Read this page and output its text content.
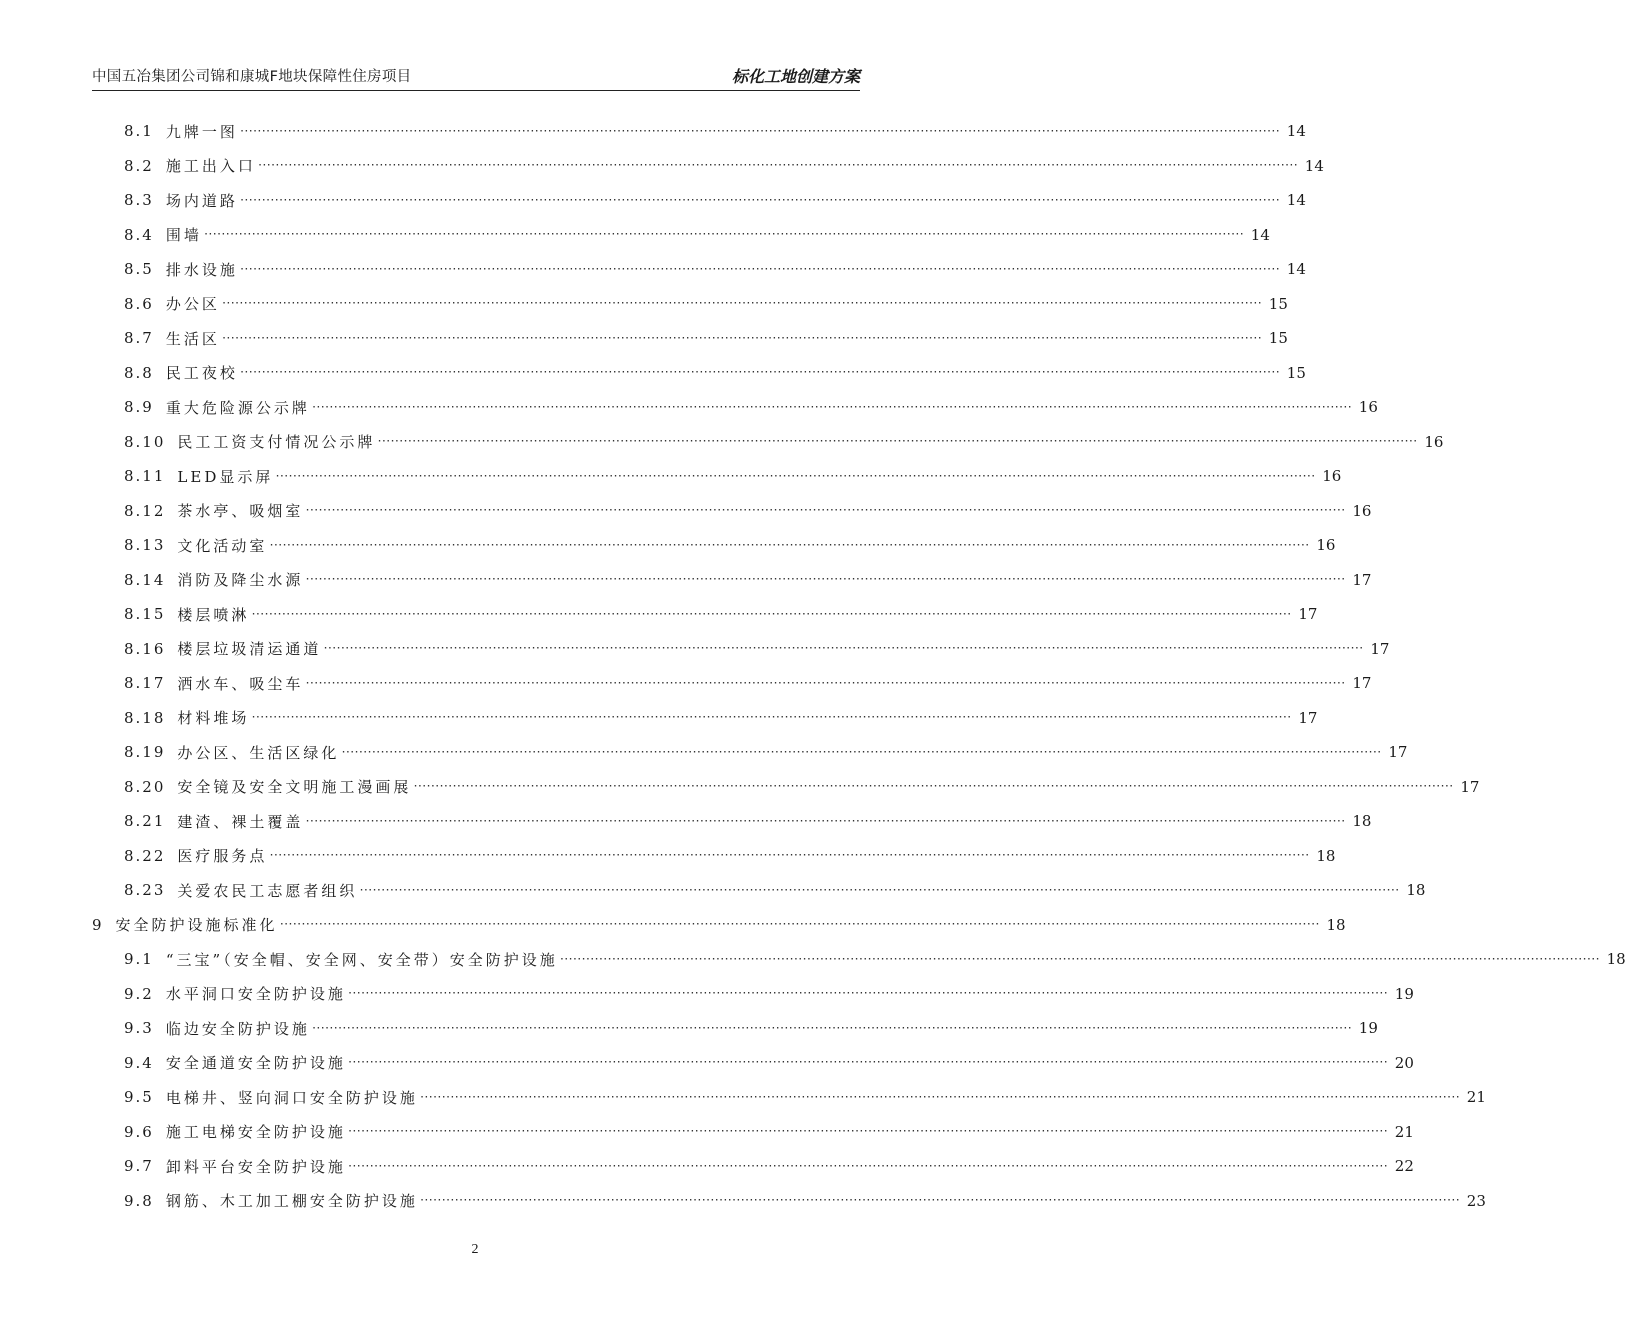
中国五冶集团公司锦和康城F地块保障性住房项目	标化工地创建方案
8.1 九牌一图 ⋯⋯⋯⋯⋯⋯⋯⋯⋯⋯⋯⋯⋯⋯⋯⋯⋯⋯⋯⋯⋯⋯⋯⋯⋯⋯⋯⋯⋯⋯⋯⋯⋯⋯⋯⋯⋯⋯⋯⋯⋯⋯⋯⋯⋯⋯⋯⋯⋯⋯⋯⋯⋯⋯⋯⋯⋯⋯⋯⋯⋯⋯⋯⋯⋯⋯⋯⋯⋯⋯⋯⋯⋯⋯⋯⋯⋯⋯⋯⋯ 14
8.2 施工出入口 ⋯⋯⋯⋯⋯⋯⋯⋯⋯⋯⋯⋯⋯⋯⋯⋯⋯⋯⋯⋯⋯⋯⋯⋯⋯⋯⋯⋯⋯⋯⋯⋯⋯⋯⋯⋯⋯⋯⋯⋯⋯⋯⋯⋯⋯⋯⋯⋯⋯⋯⋯⋯⋯⋯⋯⋯⋯⋯⋯⋯⋯⋯⋯⋯⋯⋯⋯⋯⋯⋯⋯⋯⋯⋯⋯⋯⋯⋯⋯⋯ 14
8.3 场内道路 ⋯⋯⋯⋯⋯⋯⋯⋯⋯⋯⋯⋯⋯⋯⋯⋯⋯⋯⋯⋯⋯⋯⋯⋯⋯⋯⋯⋯⋯⋯⋯⋯⋯⋯⋯⋯⋯⋯⋯⋯⋯⋯⋯⋯⋯⋯⋯⋯⋯⋯⋯⋯⋯⋯⋯⋯⋯⋯⋯⋯⋯⋯⋯⋯⋯⋯⋯⋯⋯⋯⋯⋯⋯⋯⋯⋯⋯⋯⋯⋯ 14
8.4 围墙 ⋯⋯⋯⋯⋯⋯⋯⋯⋯⋯⋯⋯⋯⋯⋯⋯⋯⋯⋯⋯⋯⋯⋯⋯⋯⋯⋯⋯⋯⋯⋯⋯⋯⋯⋯⋯⋯⋯⋯⋯⋯⋯⋯⋯⋯⋯⋯⋯⋯⋯⋯⋯⋯⋯⋯⋯⋯⋯⋯⋯⋯⋯⋯⋯⋯⋯⋯⋯⋯⋯⋯⋯⋯⋯⋯⋯⋯⋯⋯⋯ 14
8.5 排水设施 ⋯⋯⋯⋯⋯⋯⋯⋯⋯⋯⋯⋯⋯⋯⋯⋯⋯⋯⋯⋯⋯⋯⋯⋯⋯⋯⋯⋯⋯⋯⋯⋯⋯⋯⋯⋯⋯⋯⋯⋯⋯⋯⋯⋯⋯⋯⋯⋯⋯⋯⋯⋯⋯⋯⋯⋯⋯⋯⋯⋯⋯⋯⋯⋯⋯⋯⋯⋯⋯⋯⋯⋯⋯⋯⋯⋯⋯⋯⋯⋯ 14
8.6 办公区 ⋯⋯⋯⋯⋯⋯⋯⋯⋯⋯⋯⋯⋯⋯⋯⋯⋯⋯⋯⋯⋯⋯⋯⋯⋯⋯⋯⋯⋯⋯⋯⋯⋯⋯⋯⋯⋯⋯⋯⋯⋯⋯⋯⋯⋯⋯⋯⋯⋯⋯⋯⋯⋯⋯⋯⋯⋯⋯⋯⋯⋯⋯⋯⋯⋯⋯⋯⋯⋯⋯⋯⋯⋯⋯⋯⋯⋯⋯⋯⋯ 15
8.7 生活区 ⋯⋯⋯⋯⋯⋯⋯⋯⋯⋯⋯⋯⋯⋯⋯⋯⋯⋯⋯⋯⋯⋯⋯⋯⋯⋯⋯⋯⋯⋯⋯⋯⋯⋯⋯⋯⋯⋯⋯⋯⋯⋯⋯⋯⋯⋯⋯⋯⋯⋯⋯⋯⋯⋯⋯⋯⋯⋯⋯⋯⋯⋯⋯⋯⋯⋯⋯⋯⋯⋯⋯⋯⋯⋯⋯⋯⋯⋯⋯⋯ 15
8.8 民工夜校 ⋯⋯⋯⋯⋯⋯⋯⋯⋯⋯⋯⋯⋯⋯⋯⋯⋯⋯⋯⋯⋯⋯⋯⋯⋯⋯⋯⋯⋯⋯⋯⋯⋯⋯⋯⋯⋯⋯⋯⋯⋯⋯⋯⋯⋯⋯⋯⋯⋯⋯⋯⋯⋯⋯⋯⋯⋯⋯⋯⋯⋯⋯⋯⋯⋯⋯⋯⋯⋯⋯⋯⋯⋯⋯⋯⋯⋯⋯⋯⋯ 15
8.9 重大危险源公示牌 ⋯⋯⋯⋯⋯⋯⋯⋯⋯⋯⋯⋯⋯⋯⋯⋯⋯⋯⋯⋯⋯⋯⋯⋯⋯⋯⋯⋯⋯⋯⋯⋯⋯⋯⋯⋯⋯⋯⋯⋯⋯⋯⋯⋯⋯⋯⋯⋯⋯⋯⋯⋯⋯⋯⋯⋯⋯⋯⋯⋯⋯⋯⋯⋯⋯⋯⋯⋯⋯⋯⋯⋯⋯⋯⋯⋯⋯⋯⋯⋯ 16
8.10 民工工资支付情况公示牌 ⋯⋯⋯⋯⋯⋯⋯⋯⋯⋯⋯⋯⋯⋯⋯⋯⋯⋯⋯⋯⋯⋯⋯⋯⋯⋯⋯⋯⋯⋯⋯⋯⋯⋯⋯⋯⋯⋯⋯⋯⋯⋯⋯⋯⋯⋯⋯⋯⋯⋯⋯⋯⋯⋯⋯⋯⋯⋯⋯⋯⋯⋯⋯⋯⋯⋯⋯⋯⋯⋯⋯⋯⋯⋯⋯⋯⋯⋯⋯⋯ 16
8.11 LED显示屏 ⋯⋯⋯⋯⋯⋯⋯⋯⋯⋯⋯⋯⋯⋯⋯⋯⋯⋯⋯⋯⋯⋯⋯⋯⋯⋯⋯⋯⋯⋯⋯⋯⋯⋯⋯⋯⋯⋯⋯⋯⋯⋯⋯⋯⋯⋯⋯⋯⋯⋯⋯⋯⋯⋯⋯⋯⋯⋯⋯⋯⋯⋯⋯⋯⋯⋯⋯⋯⋯⋯⋯⋯⋯⋯⋯⋯⋯⋯⋯⋯ 16
8.12 茶水亭、吸烟室 ⋯⋯⋯⋯⋯⋯⋯⋯⋯⋯⋯⋯⋯⋯⋯⋯⋯⋯⋯⋯⋯⋯⋯⋯⋯⋯⋯⋯⋯⋯⋯⋯⋯⋯⋯⋯⋯⋯⋯⋯⋯⋯⋯⋯⋯⋯⋯⋯⋯⋯⋯⋯⋯⋯⋯⋯⋯⋯⋯⋯⋯⋯⋯⋯⋯⋯⋯⋯⋯⋯⋯⋯⋯⋯⋯⋯⋯⋯⋯⋯ 16
8.13 文化活动室 ⋯⋯⋯⋯⋯⋯⋯⋯⋯⋯⋯⋯⋯⋯⋯⋯⋯⋯⋯⋯⋯⋯⋯⋯⋯⋯⋯⋯⋯⋯⋯⋯⋯⋯⋯⋯⋯⋯⋯⋯⋯⋯⋯⋯⋯⋯⋯⋯⋯⋯⋯⋯⋯⋯⋯⋯⋯⋯⋯⋯⋯⋯⋯⋯⋯⋯⋯⋯⋯⋯⋯⋯⋯⋯⋯⋯⋯⋯⋯⋯ 16
8.14 消防及降尘水源 ⋯⋯⋯⋯⋯⋯⋯⋯⋯⋯⋯⋯⋯⋯⋯⋯⋯⋯⋯⋯⋯⋯⋯⋯⋯⋯⋯⋯⋯⋯⋯⋯⋯⋯⋯⋯⋯⋯⋯⋯⋯⋯⋯⋯⋯⋯⋯⋯⋯⋯⋯⋯⋯⋯⋯⋯⋯⋯⋯⋯⋯⋯⋯⋯⋯⋯⋯⋯⋯⋯⋯⋯⋯⋯⋯⋯⋯⋯⋯⋯ 17
8.15 楼层喷淋 ⋯⋯⋯⋯⋯⋯⋯⋯⋯⋯⋯⋯⋯⋯⋯⋯⋯⋯⋯⋯⋯⋯⋯⋯⋯⋯⋯⋯⋯⋯⋯⋯⋯⋯⋯⋯⋯⋯⋯⋯⋯⋯⋯⋯⋯⋯⋯⋯⋯⋯⋯⋯⋯⋯⋯⋯⋯⋯⋯⋯⋯⋯⋯⋯⋯⋯⋯⋯⋯⋯⋯⋯⋯⋯⋯⋯⋯⋯⋯⋯ 17
8.16 楼层垃圾清运通道 ⋯⋯⋯⋯⋯⋯⋯⋯⋯⋯⋯⋯⋯⋯⋯⋯⋯⋯⋯⋯⋯⋯⋯⋯⋯⋯⋯⋯⋯⋯⋯⋯⋯⋯⋯⋯⋯⋯⋯⋯⋯⋯⋯⋯⋯⋯⋯⋯⋯⋯⋯⋯⋯⋯⋯⋯⋯⋯⋯⋯⋯⋯⋯⋯⋯⋯⋯⋯⋯⋯⋯⋯⋯⋯⋯⋯⋯⋯⋯⋯ 17
8.17 洒水车、吸尘车 ⋯⋯⋯⋯⋯⋯⋯⋯⋯⋯⋯⋯⋯⋯⋯⋯⋯⋯⋯⋯⋯⋯⋯⋯⋯⋯⋯⋯⋯⋯⋯⋯⋯⋯⋯⋯⋯⋯⋯⋯⋯⋯⋯⋯⋯⋯⋯⋯⋯⋯⋯⋯⋯⋯⋯⋯⋯⋯⋯⋯⋯⋯⋯⋯⋯⋯⋯⋯⋯⋯⋯⋯⋯⋯⋯⋯⋯⋯⋯⋯ 17
8.18 材料堆场 ⋯⋯⋯⋯⋯⋯⋯⋯⋯⋯⋯⋯⋯⋯⋯⋯⋯⋯⋯⋯⋯⋯⋯⋯⋯⋯⋯⋯⋯⋯⋯⋯⋯⋯⋯⋯⋯⋯⋯⋯⋯⋯⋯⋯⋯⋯⋯⋯⋯⋯⋯⋯⋯⋯⋯⋯⋯⋯⋯⋯⋯⋯⋯⋯⋯⋯⋯⋯⋯⋯⋯⋯⋯⋯⋯⋯⋯⋯⋯⋯ 17
8.19 办公区、生活区绿化 ⋯⋯⋯⋯⋯⋯⋯⋯⋯⋯⋯⋯⋯⋯⋯⋯⋯⋯⋯⋯⋯⋯⋯⋯⋯⋯⋯⋯⋯⋯⋯⋯⋯⋯⋯⋯⋯⋯⋯⋯⋯⋯⋯⋯⋯⋯⋯⋯⋯⋯⋯⋯⋯⋯⋯⋯⋯⋯⋯⋯⋯⋯⋯⋯⋯⋯⋯⋯⋯⋯⋯⋯⋯⋯⋯⋯⋯⋯⋯⋯ 17
8.20 安全镜及安全文明施工漫画展 ⋯⋯⋯⋯⋯⋯⋯⋯⋯⋯⋯⋯⋯⋯⋯⋯⋯⋯⋯⋯⋯⋯⋯⋯⋯⋯⋯⋯⋯⋯⋯⋯⋯⋯⋯⋯⋯⋯⋯⋯⋯⋯⋯⋯⋯⋯⋯⋯⋯⋯⋯⋯⋯⋯⋯⋯⋯⋯⋯⋯⋯⋯⋯⋯⋯⋯⋯⋯⋯⋯⋯⋯⋯⋯⋯⋯⋯⋯⋯⋯ 17
8.21 建渣、裸土覆盖 ⋯⋯⋯⋯⋯⋯⋯⋯⋯⋯⋯⋯⋯⋯⋯⋯⋯⋯⋯⋯⋯⋯⋯⋯⋯⋯⋯⋯⋯⋯⋯⋯⋯⋯⋯⋯⋯⋯⋯⋯⋯⋯⋯⋯⋯⋯⋯⋯⋯⋯⋯⋯⋯⋯⋯⋯⋯⋯⋯⋯⋯⋯⋯⋯⋯⋯⋯⋯⋯⋯⋯⋯⋯⋯⋯⋯⋯⋯⋯⋯ 18
8.22 医疗服务点 ⋯⋯⋯⋯⋯⋯⋯⋯⋯⋯⋯⋯⋯⋯⋯⋯⋯⋯⋯⋯⋯⋯⋯⋯⋯⋯⋯⋯⋯⋯⋯⋯⋯⋯⋯⋯⋯⋯⋯⋯⋯⋯⋯⋯⋯⋯⋯⋯⋯⋯⋯⋯⋯⋯⋯⋯⋯⋯⋯⋯⋯⋯⋯⋯⋯⋯⋯⋯⋯⋯⋯⋯⋯⋯⋯⋯⋯⋯⋯⋯ 18
8.23 关爱农民工志愿者组织 ⋯⋯⋯⋯⋯⋯⋯⋯⋯⋯⋯⋯⋯⋯⋯⋯⋯⋯⋯⋯⋯⋯⋯⋯⋯⋯⋯⋯⋯⋯⋯⋯⋯⋯⋯⋯⋯⋯⋯⋯⋯⋯⋯⋯⋯⋯⋯⋯⋯⋯⋯⋯⋯⋯⋯⋯⋯⋯⋯⋯⋯⋯⋯⋯⋯⋯⋯⋯⋯⋯⋯⋯⋯⋯⋯⋯⋯⋯⋯⋯ 18
9 安全防护设施标准化 ⋯⋯⋯⋯⋯⋯⋯⋯⋯⋯⋯⋯⋯⋯⋯⋯⋯⋯⋯⋯⋯⋯⋯⋯⋯⋯⋯⋯⋯⋯⋯⋯⋯⋯⋯⋯⋯⋯⋯⋯⋯⋯⋯⋯⋯⋯⋯⋯⋯⋯⋯⋯⋯⋯⋯⋯⋯⋯⋯⋯⋯⋯⋯⋯⋯⋯⋯⋯⋯⋯⋯⋯⋯⋯⋯⋯⋯⋯⋯⋯ 18
9.1 “三宝”（安全帽、安全网、安全带）安全防护设施 ⋯⋯⋯⋯⋯⋯⋯⋯⋯⋯⋯⋯⋯⋯⋯⋯⋯⋯⋯⋯⋯⋯⋯⋯⋯⋯⋯⋯⋯⋯⋯⋯⋯⋯⋯⋯⋯⋯⋯⋯⋯⋯⋯⋯⋯⋯⋯⋯⋯⋯⋯⋯⋯⋯⋯⋯⋯⋯⋯⋯⋯⋯⋯⋯⋯⋯⋯⋯⋯⋯⋯⋯⋯⋯⋯⋯⋯⋯⋯⋯ 18
9.2 水平洞口安全防护设施 ⋯⋯⋯⋯⋯⋯⋯⋯⋯⋯⋯⋯⋯⋯⋯⋯⋯⋯⋯⋯⋯⋯⋯⋯⋯⋯⋯⋯⋯⋯⋯⋯⋯⋯⋯⋯⋯⋯⋯⋯⋯⋯⋯⋯⋯⋯⋯⋯⋯⋯⋯⋯⋯⋯⋯⋯⋯⋯⋯⋯⋯⋯⋯⋯⋯⋯⋯⋯⋯⋯⋯⋯⋯⋯⋯⋯⋯⋯⋯⋯ 19
9.3 临边安全防护设施 ⋯⋯⋯⋯⋯⋯⋯⋯⋯⋯⋯⋯⋯⋯⋯⋯⋯⋯⋯⋯⋯⋯⋯⋯⋯⋯⋯⋯⋯⋯⋯⋯⋯⋯⋯⋯⋯⋯⋯⋯⋯⋯⋯⋯⋯⋯⋯⋯⋯⋯⋯⋯⋯⋯⋯⋯⋯⋯⋯⋯⋯⋯⋯⋯⋯⋯⋯⋯⋯⋯⋯⋯⋯⋯⋯⋯⋯⋯⋯⋯ 19
9.4 安全通道安全防护设施 ⋯⋯⋯⋯⋯⋯⋯⋯⋯⋯⋯⋯⋯⋯⋯⋯⋯⋯⋯⋯⋯⋯⋯⋯⋯⋯⋯⋯⋯⋯⋯⋯⋯⋯⋯⋯⋯⋯⋯⋯⋯⋯⋯⋯⋯⋯⋯⋯⋯⋯⋯⋯⋯⋯⋯⋯⋯⋯⋯⋯⋯⋯⋯⋯⋯⋯⋯⋯⋯⋯⋯⋯⋯⋯⋯⋯⋯⋯⋯⋯ 20
9.5 电梯井、竖向洞口安全防护设施 ⋯⋯⋯⋯⋯⋯⋯⋯⋯⋯⋯⋯⋯⋯⋯⋯⋯⋯⋯⋯⋯⋯⋯⋯⋯⋯⋯⋯⋯⋯⋯⋯⋯⋯⋯⋯⋯⋯⋯⋯⋯⋯⋯⋯⋯⋯⋯⋯⋯⋯⋯⋯⋯⋯⋯⋯⋯⋯⋯⋯⋯⋯⋯⋯⋯⋯⋯⋯⋯⋯⋯⋯⋯⋯⋯⋯⋯⋯⋯⋯ 21
9.6 施工电梯安全防护设施 ⋯⋯⋯⋯⋯⋯⋯⋯⋯⋯⋯⋯⋯⋯⋯⋯⋯⋯⋯⋯⋯⋯⋯⋯⋯⋯⋯⋯⋯⋯⋯⋯⋯⋯⋯⋯⋯⋯⋯⋯⋯⋯⋯⋯⋯⋯⋯⋯⋯⋯⋯⋯⋯⋯⋯⋯⋯⋯⋯⋯⋯⋯⋯⋯⋯⋯⋯⋯⋯⋯⋯⋯⋯⋯⋯⋯⋯⋯⋯⋯ 21
9.7 卸料平台安全防护设施 ⋯⋯⋯⋯⋯⋯⋯⋯⋯⋯⋯⋯⋯⋯⋯⋯⋯⋯⋯⋯⋯⋯⋯⋯⋯⋯⋯⋯⋯⋯⋯⋯⋯⋯⋯⋯⋯⋯⋯⋯⋯⋯⋯⋯⋯⋯⋯⋯⋯⋯⋯⋯⋯⋯⋯⋯⋯⋯⋯⋯⋯⋯⋯⋯⋯⋯⋯⋯⋯⋯⋯⋯⋯⋯⋯⋯⋯⋯⋯⋯ 22
9.8 钢筋、木工加工棚安全防护设施 ⋯⋯⋯⋯⋯⋯⋯⋯⋯⋯⋯⋯⋯⋯⋯⋯⋯⋯⋯⋯⋯⋯⋯⋯⋯⋯⋯⋯⋯⋯⋯⋯⋯⋯⋯⋯⋯⋯⋯⋯⋯⋯⋯⋯⋯⋯⋯⋯⋯⋯⋯⋯⋯⋯⋯⋯⋯⋯⋯⋯⋯⋯⋯⋯⋯⋯⋯⋯⋯⋯⋯⋯⋯⋯⋯⋯⋯⋯⋯⋯ 23
2
